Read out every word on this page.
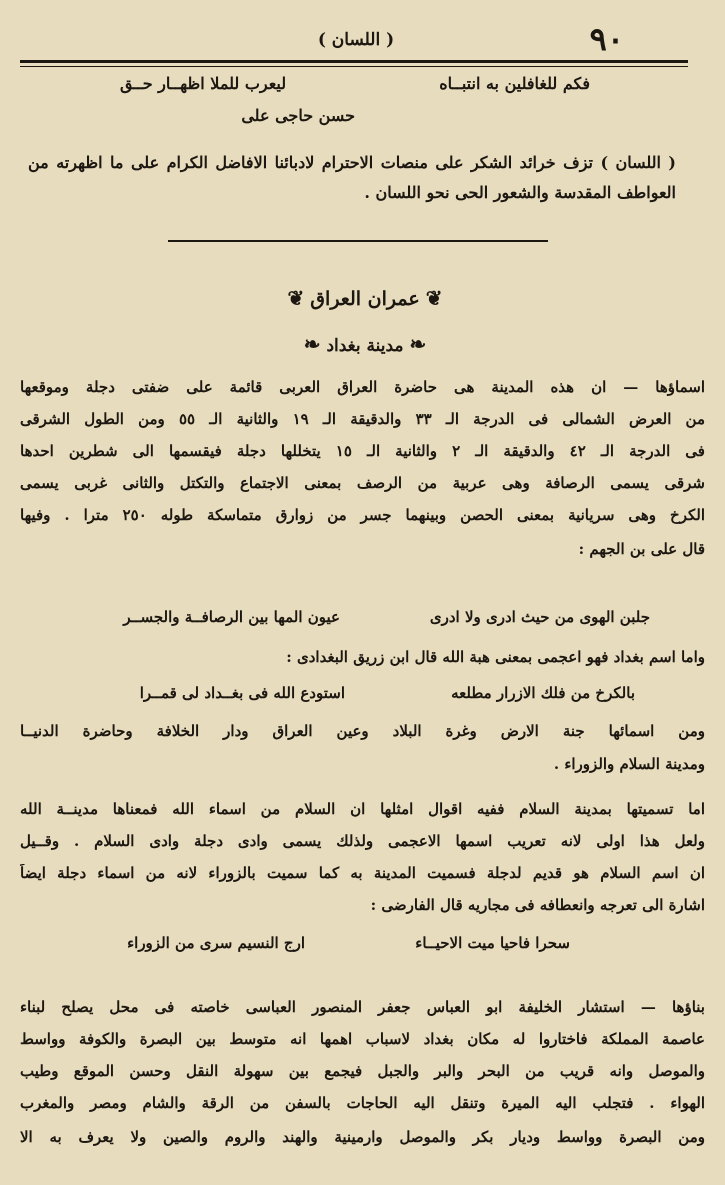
٩٠
( اللسان )
فكم للغافلين به انتبــاه
ليعرب للملا اظهــار حــق
حسن حاجى على
( اللسان ) تزف خرائد الشكر على منصات الاحترام لادبائنا الافاضل الكرام على ما اظهرته من العواطف المقدسة والشعور الحى نحو اللسان .
❦عمران العراق❦
❧مدينة بغداد❧
اسماؤها — ان هذه المدينة هى حاضرة العراق العربى قائمة على ضفتى دجلة وموقعها
من العرض الشمالى فى الدرجة الـ ٣٣ والدقيقة الـ ١٩ والثانية الـ ٥٥ ومن الطول الشرقى
فى الدرجة الـ ٤٢ والدقيقة الـ ٢ والثانية الـ ١٥ يتخللها دجلة فيقسمها الى شطرين احدها
شرقى يسمى الرصافة وهى عربية من الرصف بمعنى الاجتماع والتكتل والثانى غربى يسمى
الكرخ وهى سريانية بمعنى الحصن وبينهما جسر من زوارق متماسكة طوله ٢٥٠ مترا . وفيها
قال على بن الجهم :
عيون المها بين الرصافــة والجســر	جلبن الهوى من حيث ادرى ولا ادرى
واما اسم بغداد فهو اعجمى بمعنى هبة الله قال ابن زريق البغدادى :
استودع الله فى بغــداد لى قمــرا	بالكرخ من فلك الازرار مطلعه
ومن اسمائها جنة الارض وغرة البلاد وعين العراق ودار الخلافة وحاضرة الدنيــا
ومدينة السلام والزوراء .
اما تسميتها بمدينة السلام ففيه اقوال امثلها ان السلام من اسماء الله فمعناها مدينــة الله
ولعل هذا اولى لانه تعريب اسمها الاعجمى ولذلك يسمى وادى دجلة وادى السلام . وقــيل
ان اسم السلام هو قديم لدجلة فسميت المدينة به كما سميت بالزوراء لانه من اسماء دجلة ايضاً
اشارة الى تعرجه وانعطافه فى مجاريه قال الفارضى :
ارج النسيم سرى من الزوراء	سحرا فاحيا ميت الاحيــاء
بناؤها — استشار الخليفة ابو العباس جعفر المنصور العباسى خاصته فى محل يصلح لبناء
عاصمة المملكة فاختاروا له مكان بغداد لاسباب اهمها انه متوسط بين البصرة والكوفة وواسط
والموصل وانه قريب من البحر والبر والجبل فيجمع بين سهولة النقل وحسن الموقع وطيب
الهواء . فتجلب اليه الميرة وتنقل اليه الحاجات بالسفن من الرقة والشام ومصر والمغرب
ومن البصرة وواسط وديار بكر والموصل وارمينية والهند والروم والصين ولا يعرف به الا
